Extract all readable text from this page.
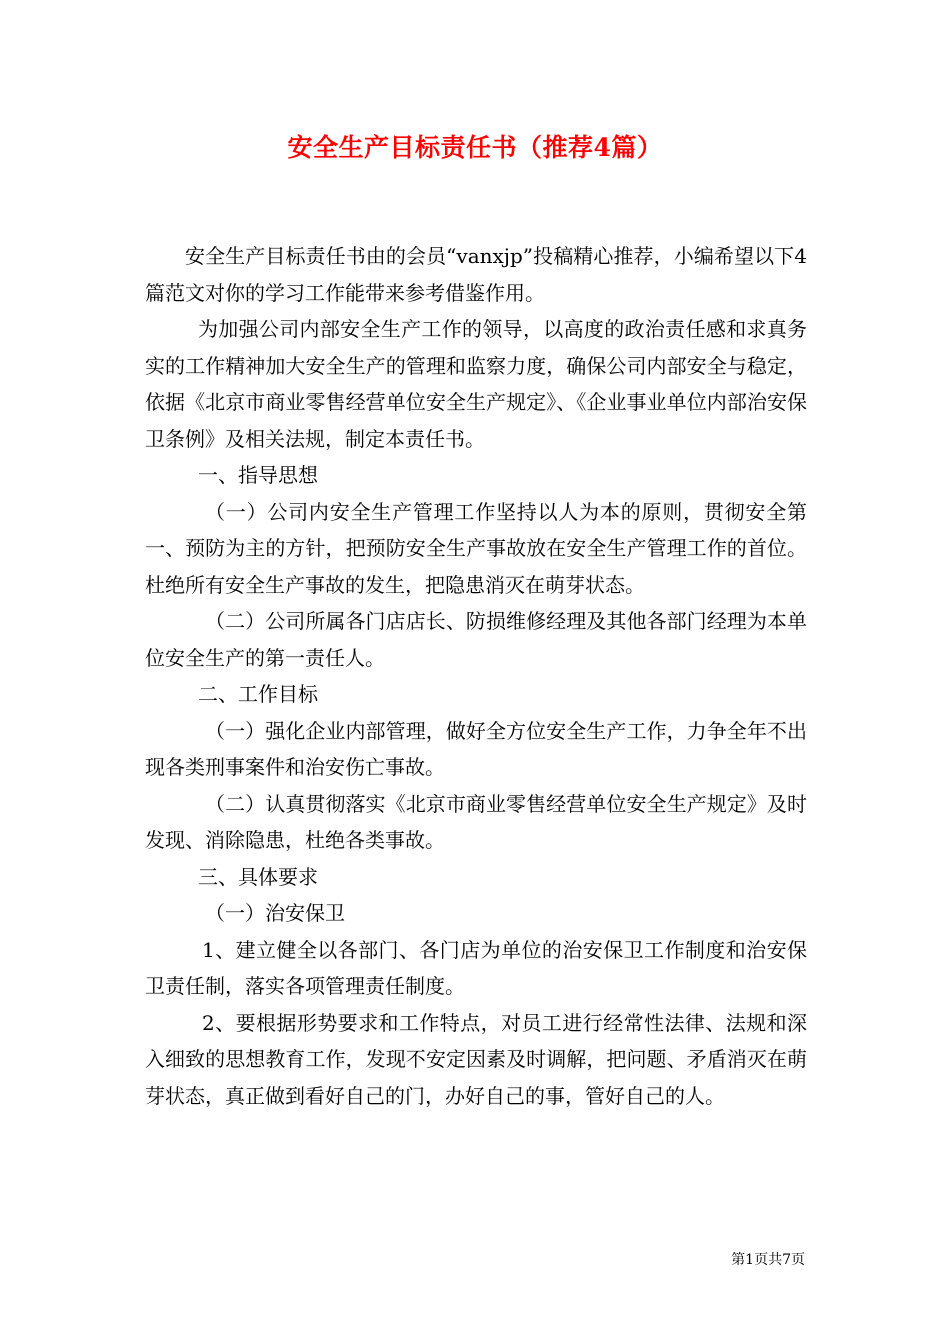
安全生产目标责任书（推荐4篇）

安全生产目标责任书由的会员“vanxjp”投稿精心推荐，小编希望以下4篇范文对你的学习工作能带来参考借鉴作用。

为加强公司内部安全生产工作的领导，以高度的政治责任感和求真务实的工作精神加大安全生产的管理和监察力度，确保公司内部安全与稳定，依据《北京市商业零售经营单位安全生产规定》、《企业事业单位内部治安保卫条例》及相关法规，制定本责任书。

一、指导思想

（一）公司内安全生产管理工作坚持以人为本的原则，贯彻安全第一、预防为主的方针，把预防安全生产事故放在安全生产管理工作的首位。杜绝所有安全生产事故的发生，把隐患消灭在萌芽状态。

（二）公司所属各门店店长、防损维修经理及其他各部门经理为本单位安全生产的第一责任人。

二、工作目标

（一）强化企业内部管理，做好全方位安全生产工作，力争全年不出现各类刑事案件和治安伤亡事故。

（二）认真贯彻落实《北京市商业零售经营单位安全生产规定》及时发现、消除隐患，杜绝各类事故。

三、具体要求

（一）治安保卫

1、建立健全以各部门、各门店为单位的治安保卫工作制度和治安保卫责任制，落实各项管理责任制度。

2、要根据形势要求和工作特点，对员工进行经常性法律、法规和深入细致的思想教育工作，发现不安定因素及时调解，把问题、矛盾消灭在萌芽状态，真正做到看好自己的门，办好自己的事，管好自己的人。

第1页共7页
